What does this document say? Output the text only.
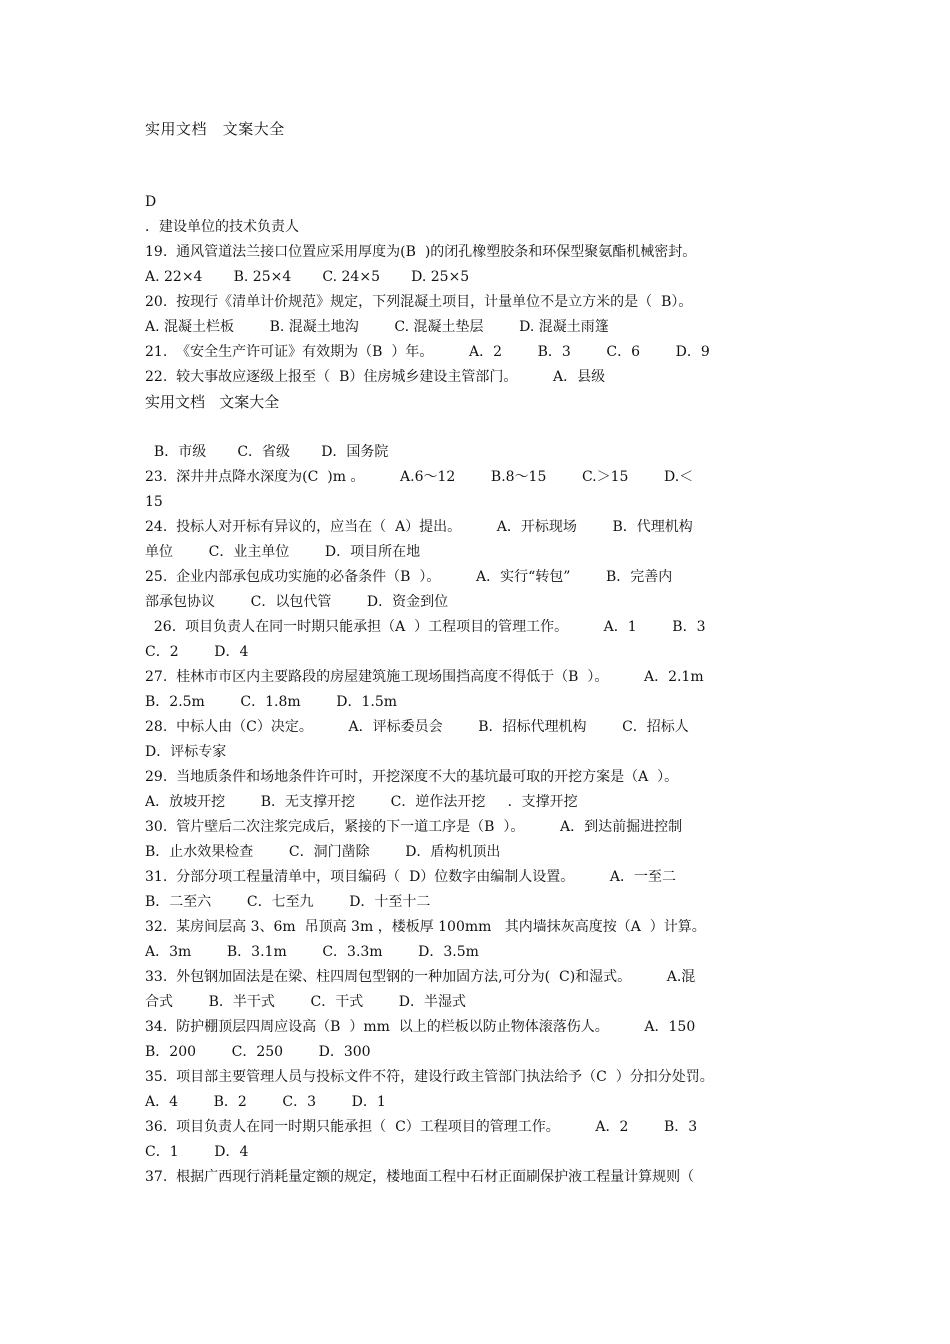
实用文档   文案大全
D
．建设单位的技术负责人
19.  通风管道法兰接口位置应采用厚度为(B  )的闭孔橡塑胶条和环保型聚氨酯机械密封。
A. 22×4       B. 25×4       C. 24×5       D. 25×5
20.  按现行《清单计价规范》规定，下列混凝土项目，计量单位不是立方米的是（  B）。
A. 混凝土栏板        B. 混凝土地沟        C. 混凝土垫层        D. 混凝土雨篷
21.  《安全生产许可证》有效期为（B  ）年。        A．2        B．3        C．6        D．9
22.  较大事故应逐级上报至（  B）住房城乡建设主管部门。        A．县级
实用文档   文案大全
B．市级       C．省级       D．国务院
23.  深井井点降水深度为(C  )m 。        A.6～12        B.8～15        C.＞15        D.＜
15
24.  投标人对开标有异议的，应当在（  A）提出。        A．开标现场        B．代理机构
单位        C．业主单位        D．项目所在地
25.  企业内部承包成功实施的必备条件（B  ）。        A．实行“转包”        B．完善内
部承包协议        C．以包代管        D．资金到位
26.  项目负责人在同一时期只能承担（A  ）工程项目的管理工作。        A．1        B．3
C．2        D．4
27.  桂林市市区内主要路段的房屋建筑施工现场围挡高度不得低于（B  ）。        A．2.1m
B．2.5m        C．1.8m        D．1.5m
28.  中标人由（C）决定。        A．评标委员会        B．招标代理机构        C．招标人
D．评标专家
29.  当地质条件和场地条件许可时，开挖深度不大的基坑最可取的开挖方案是（A  ）。
A．放坡开挖        B．无支撑开挖        C．逆作法开挖     ．支撑开挖
30.  管片壁后二次注浆完成后，紧接的下一道工序是（B  ）。        A．到达前掘进控制
B．止水效果检查        C．洞门凿除        D．盾构机顶出
31.  分部分项工程量清单中，项目编码（  D）位数字由编制人设置。        A．一至二
B．二至六        C．七至九        D．十至十二
32.  某房间层高 3、6m  吊顶高 3m ，楼板厚 100mm   其内墙抹灰高度按（A  ）计算。
A．3m        B．3.1m        C．3.3m        D．3.5m
33.  外包钢加固法是在梁、柱四周包型钢的一种加固方法,可分为(  C)和湿式。        A.混
合式        B．半干式        C．干式        D．半湿式
34.  防护棚顶层四周应设高（B  ）mm  以上的栏板以防止物体滚落伤人。        A．150
B．200        C．250        D．300
35.  项目部主要管理人员与投标文件不符，建设行政主管部门执法给予（C  ）分扣分处罚。
A．4        B．2        C．3        D．1
36.  项目负责人在同一时期只能承担（  C）工程项目的管理工作。        A．2        B．3
C．1        D．4
37.  根据广西现行消耗量定额的规定，楼地面工程中石材正面刷保护液工程量计算规则（
